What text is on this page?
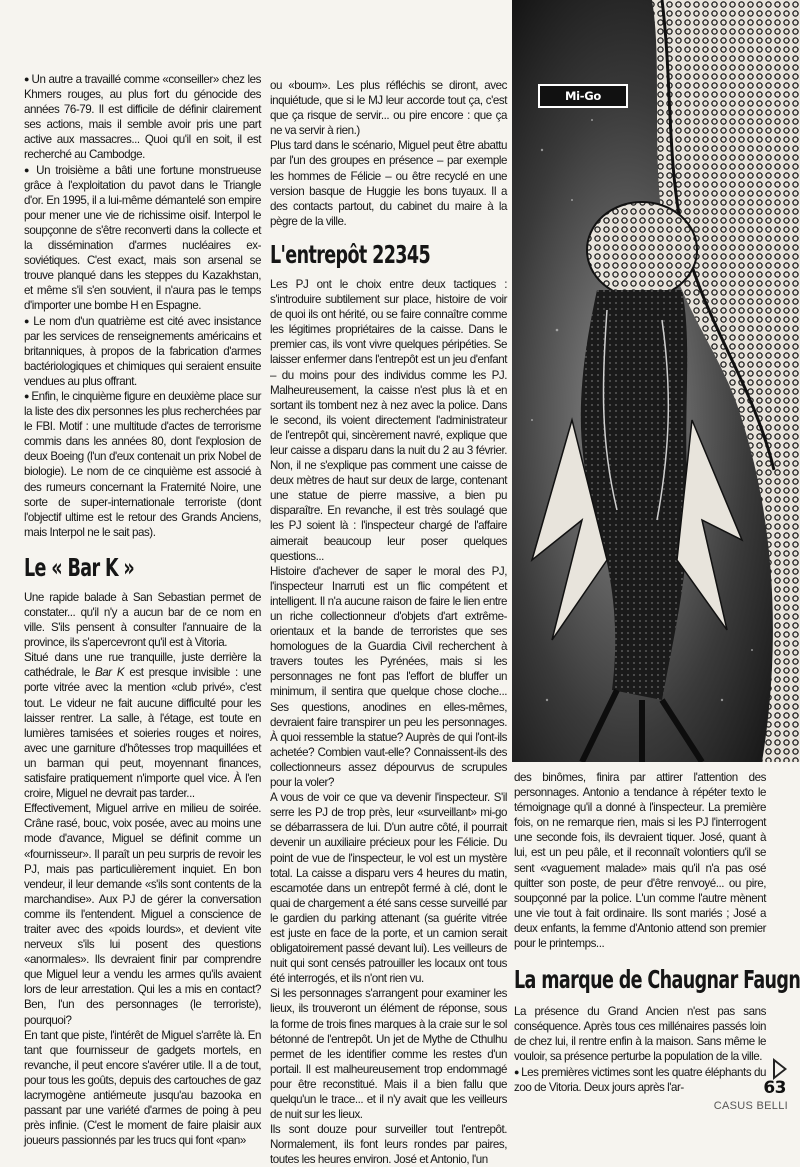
Mi-Go

● Un autre a travaillé comme «conseiller» chez les Khmers rouges, au plus fort du génocide des années 76-79. Il est difficile de définir clairement ses actions, mais il semble avoir pris une part active aux massacres... Quoi qu'il en soit, il est recherché au Cambodge.

● Un troisième a bâti une fortune monstrueuse grâce à l'exploitation du pavot dans le Triangle d'or. En 1995, il a lui-même démantelé son empire pour mener une vie de richissime oisif. Interpol le soupçonne de s'être reconverti dans la collecte et la dissémination d'armes nucléaires ex-soviétiques. C'est exact, mais son arsenal se trouve planqué dans les steppes du Kazakhstan, et même s'il s'en souvient, il n'aura pas le temps d'importer une bombe H en Espagne.

● Le nom d'un quatrième est cité avec insistance par les services de renseignements américains et britanniques, à propos de la fabrication d'armes bactériologiques et chimiques qui seraient ensuite vendues au plus offrant.

● Enfin, le cinquième figure en deuxième place sur la liste des dix personnes les plus recherchées par le FBI. Motif : une multitude d'actes de terrorisme commis dans les années 80, dont l'explosion de deux Boeing (l'un d'eux contenait un prix Nobel de biologie). Le nom de ce cinquième est associé à des rumeurs concernant la Fraternité Noire, une sorte de super-internationale terroriste (dont l'objectif ultime est le retour des Grands Anciens, mais Interpol ne le sait pas).

Le « Bar K »

Une rapide balade à San Sebastian permet de constater... qu'il n'y a aucun bar de ce nom en ville. S'ils pensent à consulter l'annuaire de la province, ils s'apercevront qu'il est à Vitoria.

Situé dans une rue tranquille, juste derrière la cathédrale, le Bar K est presque invisible : une porte vitrée avec la mention «club privé», c'est tout. Le videur ne fait aucune difficulté pour les laisser rentrer. La salle, à l'étage, est toute en lumières tamisées et soieries rouges et noires, avec une garniture d'hôtesses trop maquillées et un barman qui peut, moyennant finances, satisfaire pratiquement n'importe quel vice. À l'en croire, Miguel ne devrait pas tarder...

Effectivement, Miguel arrive en milieu de soirée. Crâne rasé, bouc, voix posée, avec au moins une mode d'avance, Miguel se définit comme un «fournisseur». Il paraît un peu surpris de revoir les PJ, mais pas particulièrement inquiet. En bon vendeur, il leur demande «s'ils sont contents de la marchandise». Aux PJ de gérer la conversation comme ils l'entendent. Miguel a conscience de traiter avec des «poids lourds», et devient vite nerveux s'ils lui posent des questions «anormales». Ils devraient finir par comprendre que Miguel leur a vendu les armes qu'ils avaient lors de leur arrestation. Qui les a mis en contact? Ben, l'un des personnages (le terroriste), pourquoi?

En tant que piste, l'intérêt de Miguel s'arrête là. En tant que fournisseur de gadgets mortels, en revanche, il peut encore s'avérer utile. Il a de tout, pour tous les goûts, depuis des cartouches de gaz lacrymogène antiémeute jusqu'au bazooka en passant par une variété d'armes de poing à peu près infinie. (C'est le moment de faire plaisir aux joueurs passionnés par les trucs qui font «pan»

ou «boum». Les plus réfléchis se diront, avec inquiétude, que si le MJ leur accorde tout ça, c'est que ça risque de servir... ou pire encore : que ça ne va servir à rien.)

Plus tard dans le scénario, Miguel peut être abattu par l'un des groupes en présence – par exemple les hommes de Félicie – ou être recyclé en une version basque de Huggie les bons tuyaux. Il a des contacts partout, du cabinet du maire à la pègre de la ville.

L'entrepôt 22345

Les PJ ont le choix entre deux tactiques : s'introduire subtilement sur place, histoire de voir de quoi ils ont hérité, ou se faire connaître comme les légitimes propriétaires de la caisse. Dans le premier cas, ils vont vivre quelques péripéties. Se laisser enfermer dans l'entrepôt est un jeu d'enfant – du moins pour des individus comme les PJ. Malheureusement, la caisse n'est plus là et en sortant ils tombent nez à nez avec la police. Dans le second, ils voient directement l'administrateur de l'entrepôt qui, sincèrement navré, explique que leur caisse a disparu dans la nuit du 2 au 3 février. Non, il ne s'explique pas comment une caisse de deux mètres de haut sur deux de large, contenant une statue de pierre massive, a bien pu disparaître. En revanche, il est très soulagé que les PJ soient là : l'inspecteur chargé de l'affaire aimerait beaucoup leur poser quelques questions...

Histoire d'achever de saper le moral des PJ, l'inspecteur Inarruti est un flic compétent et intelligent. Il n'a aucune raison de faire le lien entre un riche collectionneur d'objets d'art extrême-orientaux et la bande de terroristes que ses homologues de la Guardia Civil recherchent à travers toutes les Pyrénées, mais si les personnages ne font pas l'effort de bluffer un minimum, il sentira que quelque chose cloche... Ses questions, anodines en elles-mêmes, devraient faire transpirer un peu les personnages. À quoi ressemble la statue? Auprès de qui l'ont-ils achetée? Combien vaut-elle? Connaissent-ils des collectionneurs assez dépourvus de scrupules pour la voler?

A vous de voir ce que va devenir l'inspecteur. S'il serre les PJ de trop près, leur «surveillant» mi-go se débarrassera de lui. D'un autre côté, il pourrait devenir un auxiliaire précieux pour les Félicie. Du point de vue de l'inspecteur, le vol est un mystère total. La caisse a disparu vers 4 heures du matin, escamotée dans un entrepôt fermé à clé, dont le quai de chargement a été sans cesse surveillé par le gardien du parking attenant (sa guérite vitrée est juste en face de la porte, et un camion serait obligatoirement passé devant lui). Les veilleurs de nuit qui sont censés patrouiller les locaux ont tous été interrogés, et ils n'ont rien vu.

Si les personnages s'arrangent pour examiner les lieux, ils trouveront un élément de réponse, sous la forme de trois fines marques à la craie sur le sol bétonné de l'entrepôt. Un jet de Mythe de Cthulhu permet de les identifier comme les restes d'un portail. Il est malheureusement trop endommagé pour être reconstitué. Mais il a bien fallu que quelqu'un le trace... et il n'y avait que les veilleurs de nuit sur les lieux.

Ils sont douze pour surveiller tout l'entrepôt. Normalement, ils font leurs rondes par paires, toutes les heures environ. José et Antonio, l'un

des binômes, finira par attirer l'attention des personnages. Antonio a tendance à répéter texto le témoignage qu'il a donné à l'inspecteur. La première fois, on ne remarque rien, mais si les PJ l'interrogent une seconde fois, ils devraient tiquer. José, quant à lui, est un peu pâle, et il reconnaît volontiers qu'il se sent «vaguement malade» mais qu'il n'a pas osé quitter son poste, de peur d'être renvoyé... ou pire, soupçonné par la police. L'un comme l'autre mènent une vie tout à fait ordinaire. Ils sont mariés ; José a deux enfants, la femme d'Antonio attend son premier pour le printemps...

La marque de Chaugnar Faugn

La présence du Grand Ancien n'est pas sans conséquence. Après tous ces millénaires passés loin de chez lui, il rentre enfin à la maison. Sans même le vouloir, sa présence perturbe la population de la ville.

● Les premières victimes sont les quatre éléphants du zoo de Vitoria. Deux jours après l'ar-	63
CASUS BELLI
